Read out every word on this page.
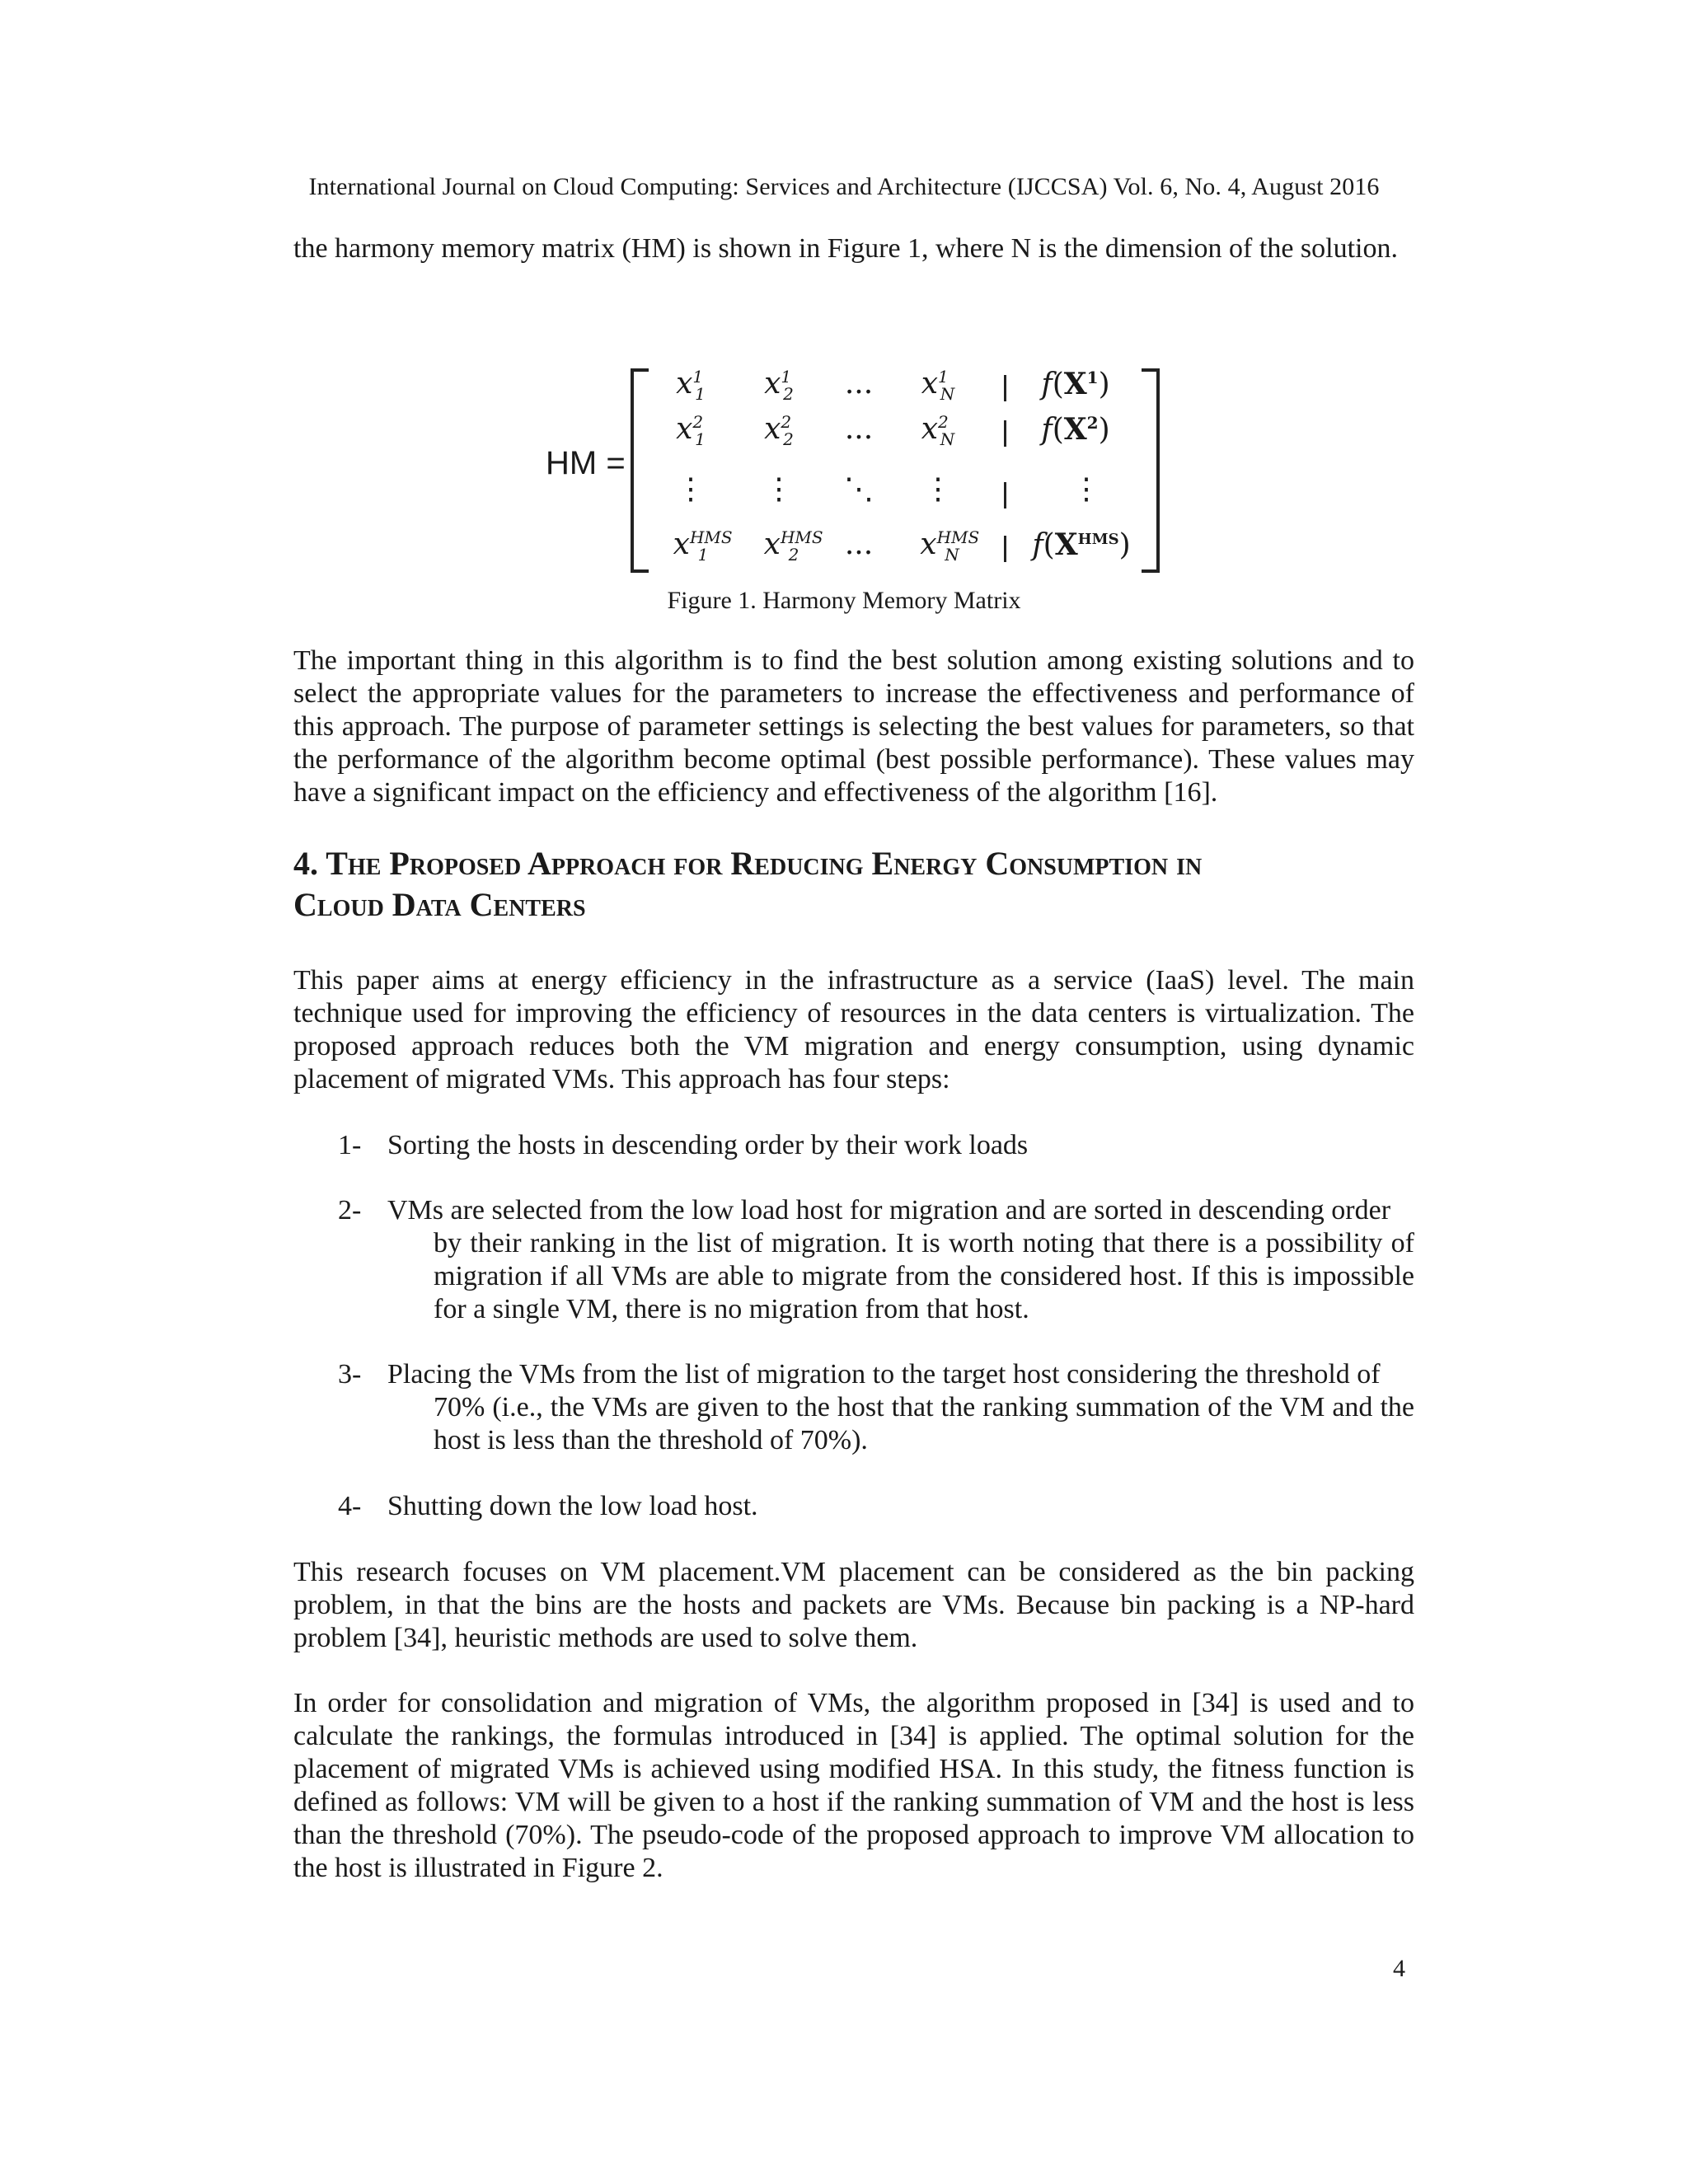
International Journal on Cloud Computing: Services and Architecture (IJCCSA) Vol. 6, No. 4, August 2016

the harmony memory matrix (HM) is shown in Figure 1, where N is the dimension of the solution.

HM =
$x^1_1$ $x^1_2$ ... $x^1_N$	$f(X^1)$
$x^2_1$ $x^2_2$ ... $x^2_N$	$f(X^2)$
⋮ ⋮ ⋱ ⋮	⋮
$x^{HMS}_1$ $x^{HMS}_2$ ... $x^{HMS}_N$ $f(X^{HMS})$
Figure 1. Harmony Memory Matrix

The important thing in this algorithm is to find the best solution among existing solutions and to select the appropriate values for the parameters to increase the effectiveness and performance of this approach. The purpose of parameter settings is selecting the best values for parameters, so that the performance of the algorithm become optimal (best possible performance). These values may have a significant impact on the efficiency and effectiveness of the algorithm [16].

4. The Proposed Approach for Reducing Energy Consumption in
Cloud Data Centers

This paper aims at energy efficiency in the infrastructure as a service (IaaS) level. The main technique used for improving the efficiency of resources in the data centers is virtualization. The proposed approach reduces both the VM migration and energy consumption, using dynamic placement of migrated VMs. This approach has four steps:

1- Sorting the hosts in descending order by their work loads
2- VMs are selected from the low load host for migration and are sorted in descending order
by their ranking in the list of migration. It is worth noting that there is a possibility of migration if all VMs are able to migrate from the considered host. If this is impossible for a single VM, there is no migration from that host.
3- Placing the VMs from the list of migration to the target host considering the threshold of
70% (i.e., the VMs are given to the host that the ranking summation of the VM and the host is less than the threshold of 70%).
4- Shutting down the low load host.

This research focuses on VM placement.VM placement can be considered as the bin packing problem, in that the bins are the hosts and packets are VMs. Because bin packing is a NP-hard problem [34], heuristic methods are used to solve them.

In order for consolidation and migration of VMs, the algorithm proposed in [34] is used and to calculate the rankings, the formulas introduced in [34] is applied. The optimal solution for the placement of migrated VMs is achieved using modified HSA. In this study, the fitness function is defined as follows: VM will be given to a host if the ranking summation of VM and the host is less than the threshold (70%). The pseudo-code of the proposed approach to improve VM allocation to the host is illustrated in Figure 2.

4
